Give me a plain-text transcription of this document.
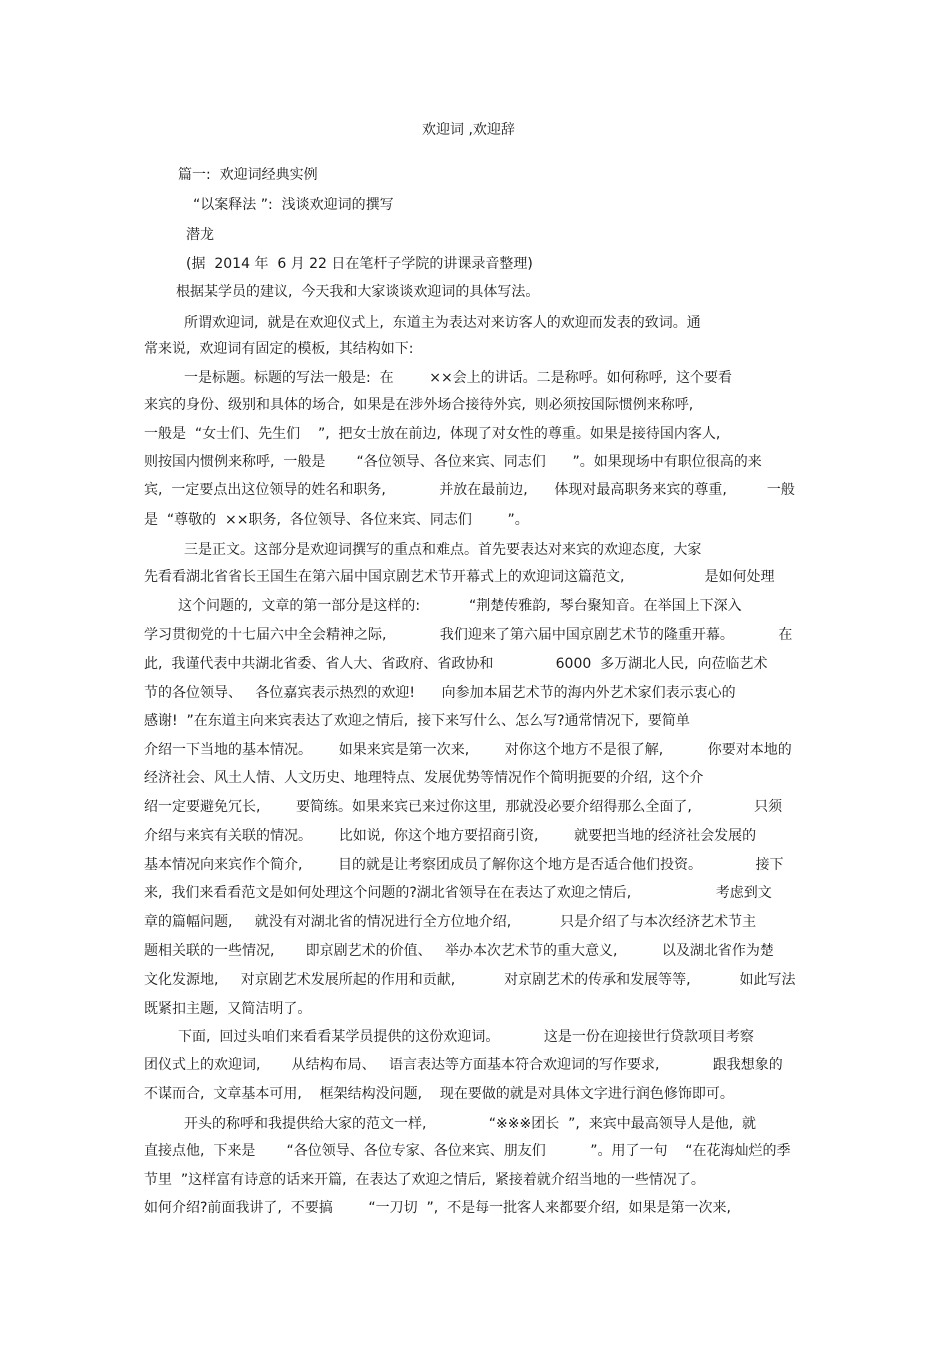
欢迎词 ,欢迎辞
篇一:  欢迎词经典实例
“以案释法 ”:  浅谈欢迎词的撰写
潜龙
(据  2014 年  6 月 22 日在笔杆子学院的讲课录音整理)
根据某学员的建议,  今天我和大家谈谈欢迎词的具体写法。
所谓欢迎词,  就是在欢迎仪式上,  东道主为表达对来访客人的欢迎而发表的致词。通
常来说,  欢迎词有固定的模板,  其结构如下:
一是标题。标题的写法一般是:  在        ××会上的讲话。二是称呼。如何称呼,  这个要看
来宾的身份、级别和具体的场合,  如果是在涉外场合接待外宾,  则必须按国际惯例来称呼,
一般是  “女士们、先生们    ”,  把女士放在前边,  体现了对女性的尊重。如果是接待国内客人,
则按国内惯例来称呼,  一般是       “各位领导、各位来宾、同志们      ”。如果现场中有职位很高的来
宾,  一定要点出这位领导的姓名和职务,            并放在最前边,      体现对最高职务来宾的尊重,         一般
是  “尊敬的  ××职务,  各位领导、各位来宾、同志们        ”。
三是正文。这部分是欢迎词撰写的重点和难点。首先要表达对来宾的欢迎态度,  大家
先看看湖北省省长王国生在第六届中国京剧艺术节开幕式上的欢迎词这篇范文,                  是如何处理
这个问题的,  文章的第一部分是这样的:           “荆楚传雅韵,  琴台聚知音。在举国上下深入
学习贯彻党的十七届六中全会精神之际,            我们迎来了第六届中国京剧艺术节的隆重开幕。          在
此,  我谨代表中共湖北省委、省人大、省政府、省政协和              6000  多万湖北人民,  向莅临艺术
节的各位领导、   各位嘉宾表示热烈的欢迎!      向参加本届艺术节的海内外艺术家们表示衷心的
感谢!  ”在东道主向来宾表达了欢迎之情后,  接下来写什么、怎么写?通常情况下,  要简单
介绍一下当地的基本情况。      如果来宾是第一次来,        对你这个地方不是很了解,          你要对本地的
经济社会、风土人情、人文历史、地理特点、发展优势等情况作个简明扼要的介绍,  这个介
绍一定要避免冗长,        要简练。如果来宾已来过你这里,  那就没必要介绍得那么全面了,              只须
介绍与来宾有关联的情况。      比如说,  你这个地方要招商引资,        就要把当地的经济社会发展的
基本情况向来宾作个简介,        目的就是让考察团成员了解你这个地方是否适合他们投资。            接下
来,  我们来看看范文是如何处理这个问题的?湖北省领导在在表达了欢迎之情后,                   考虑到文
章的篇幅问题,     就没有对湖北省的情况进行全方位地介绍,           只是介绍了与本次经济艺术节主
题相关联的一些情况,       即京剧艺术的价值、   举办本次艺术节的重大意义,          以及湖北省作为楚
文化发源地,     对京剧艺术发展所起的作用和贡献,           对京剧艺术的传承和发展等等,           如此写法
既紧扣主题,  又简洁明了。
下面,  回过头咱们来看看某学员提供的这份欢迎词。          这是一份在迎接世行贷款项目考察
团仪式上的欢迎词,       从结构布局、   语言表达等方面基本符合欢迎词的写作要求,            跟我想象的
不谋而合,  文章基本可用,    框架结构没问题,    现在要做的就是对具体文字进行润色修饰即可。
开头的称呼和我提供给大家的范文一样,              “※※※团长  ”,  来宾中最高领导人是他,  就
直接点他,  下来是       “各位领导、各位专家、各位来宾、朋友们          ”。用了一句    “在花海灿烂的季
节里  ”这样富有诗意的话来开篇,  在表达了欢迎之情后,  紧接着就介绍当地的一些情况了。
如何介绍?前面我讲了,  不要搞        “一刀切  ”,  不是每一批客人来都要介绍,  如果是第一次来,
